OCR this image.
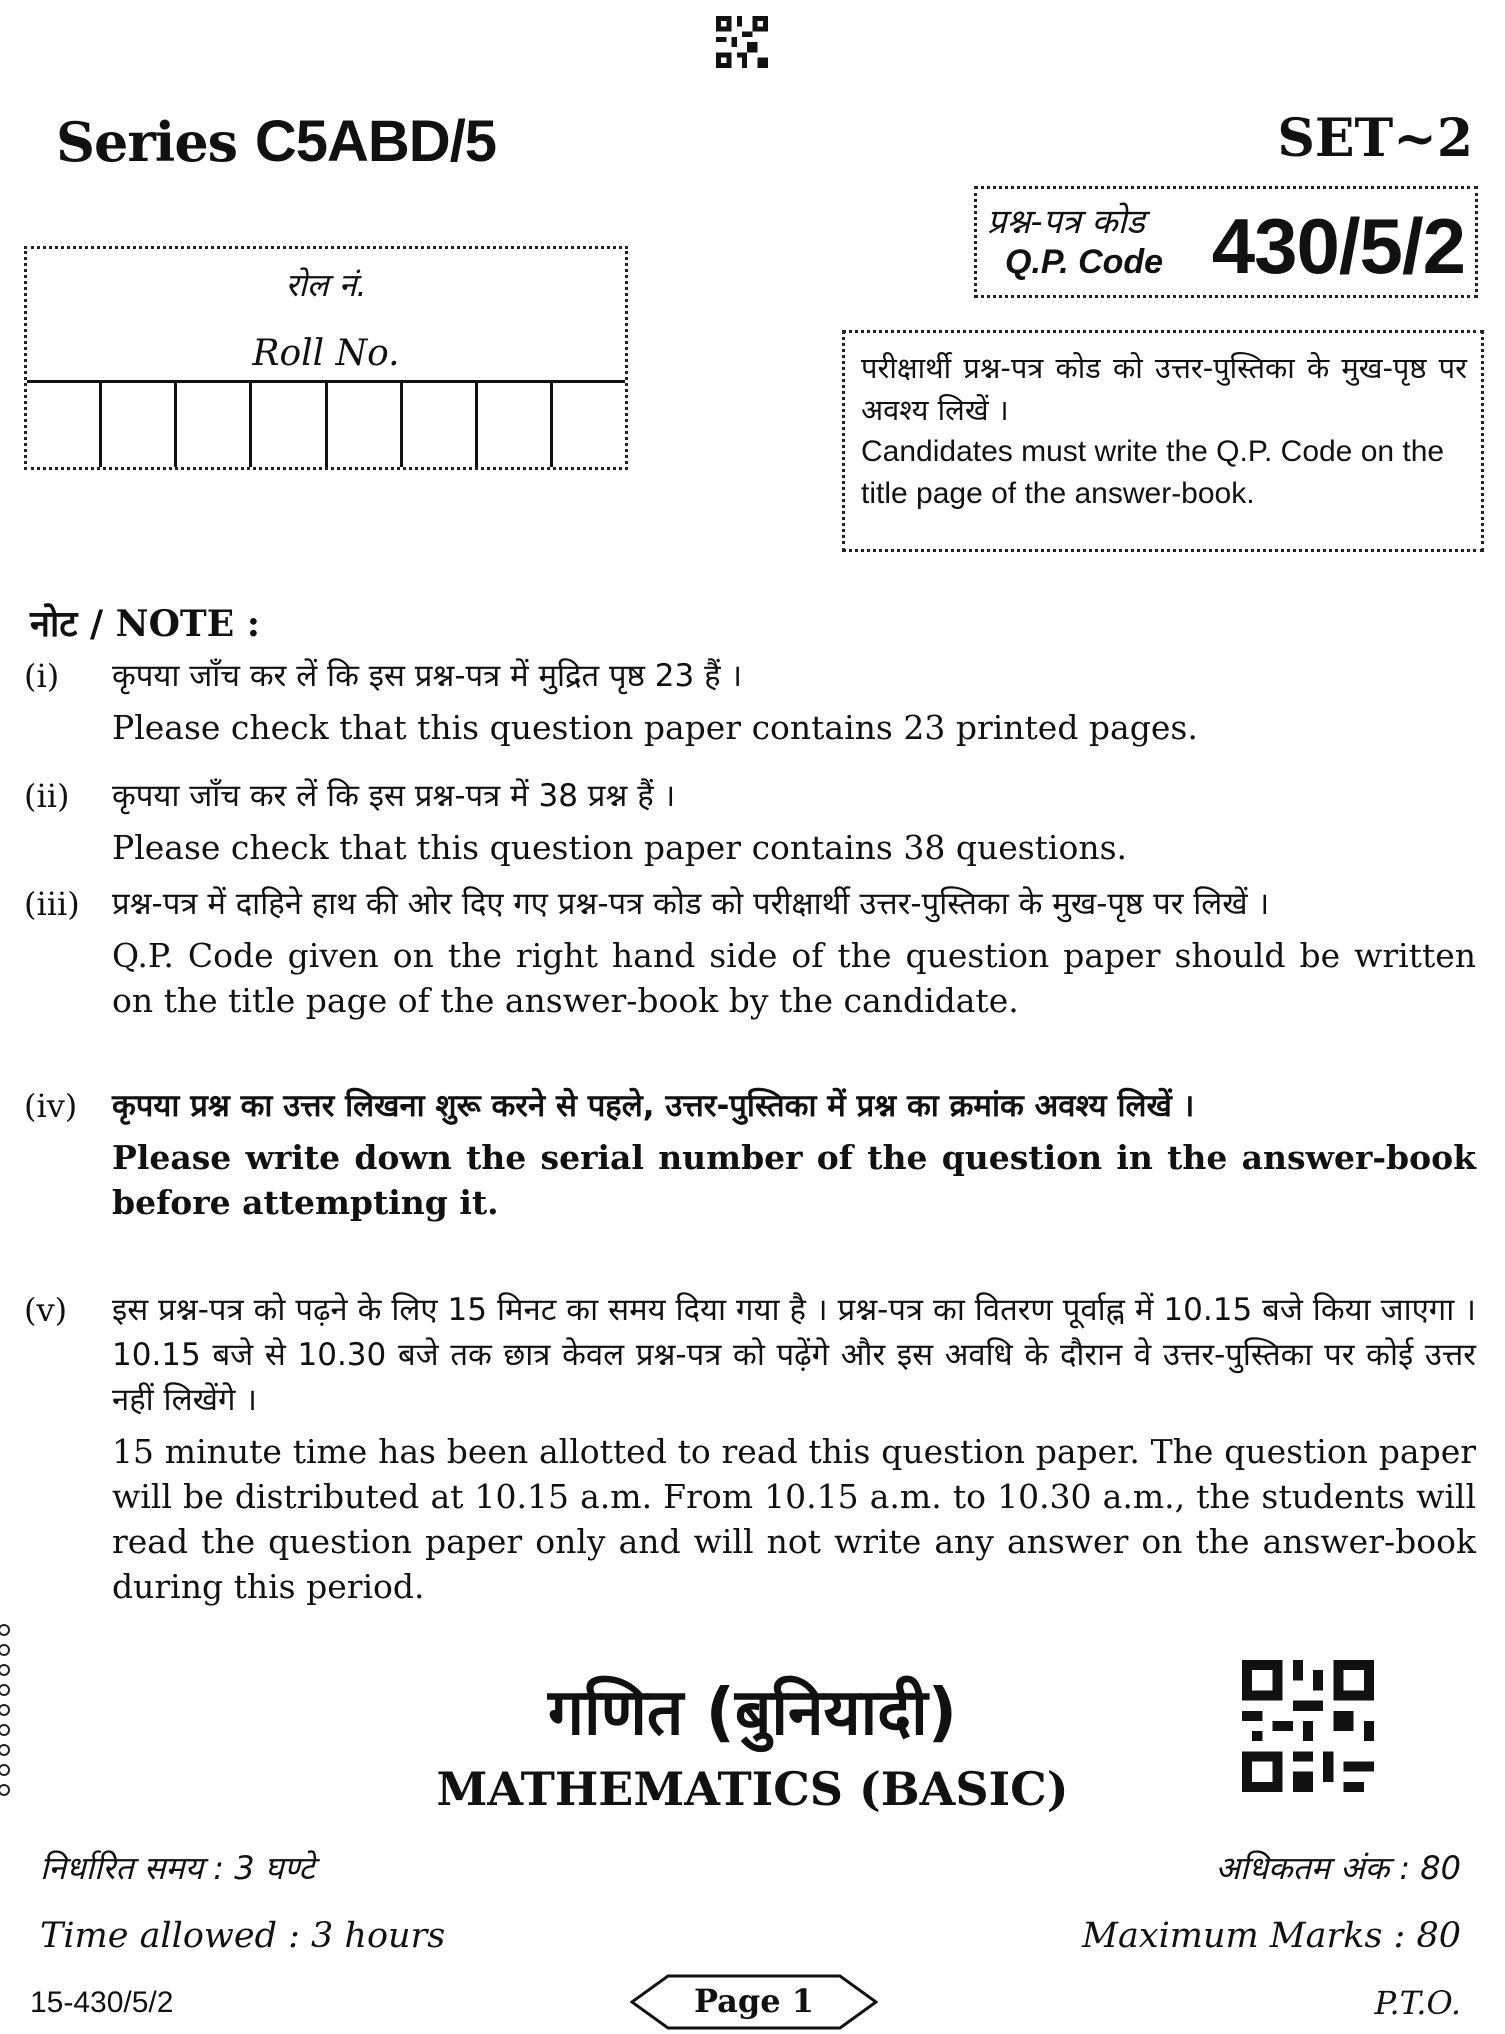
Series C5ABD/5	SET~2
प्रश्न-पत्र कोड
Q.P. Code 430/5/2
रोल नं.
Roll No.	परीक्षार्थी प्रश्न-पत्र कोड को उत्तर-पुस्तिका के मुख-पृष्ठ पर अवश्य लिखें ।
Candidates must write the Q.P. Code on the title page of the answer-book.
नोट / NOTE :
(i)	कृपया जाँच कर लें कि इस प्रश्न-पत्र में मुद्रित पृष्ठ 23 हैं ।
Please check that this question paper contains 23 printed pages.
(ii)	कृपया जाँच कर लें कि इस प्रश्न-पत्र में 38 प्रश्न हैं ।
Please check that this question paper contains 38 questions.
(iii)	प्रश्न-पत्र में दाहिने हाथ की ओर दिए गए प्रश्न-पत्र कोड को परीक्षार्थी उत्तर-पुस्तिका के मुख-पृष्ठ पर लिखें ।
Q.P. Code given on the right hand side of the question paper should be written on the title page of the answer-book by the candidate.
(iv)	कृपया प्रश्न का उत्तर लिखना शुरू करने से पहले, उत्तर-पुस्तिका में प्रश्न का क्रमांक अवश्य लिखें ।
Please write down the serial number of the question in the answer-book before attempting it.
(v)	इस प्रश्न-पत्र को पढ़ने के लिए 15 मिनट का समय दिया गया है । प्रश्न-पत्र का वितरण पूर्वाह्न में 10.15 बजे किया जाएगा । 10.15 बजे से 10.30 बजे तक छात्र केवल प्रश्न-पत्र को पढ़ेंगे और इस अवधि के दौरान वे उत्तर-पुस्तिका पर कोई उत्तर नहीं लिखेंगे ।
15 minute time has been allotted to read this question paper. The question paper will be distributed at 10.15 a.m. From 10.15 a.m. to 10.30 a.m., the students will read the question paper only and will not write any answer on the answer-book during this period.
गणित (बुनियादी)
MATHEMATICS (BASIC)
निर्धारित समय : 3 घण्टे
Time allowed : 3 hours
अधिकतम अंक : 80
Maximum Marks : 80
15-430/5/2	Page 1	P.T.O.
